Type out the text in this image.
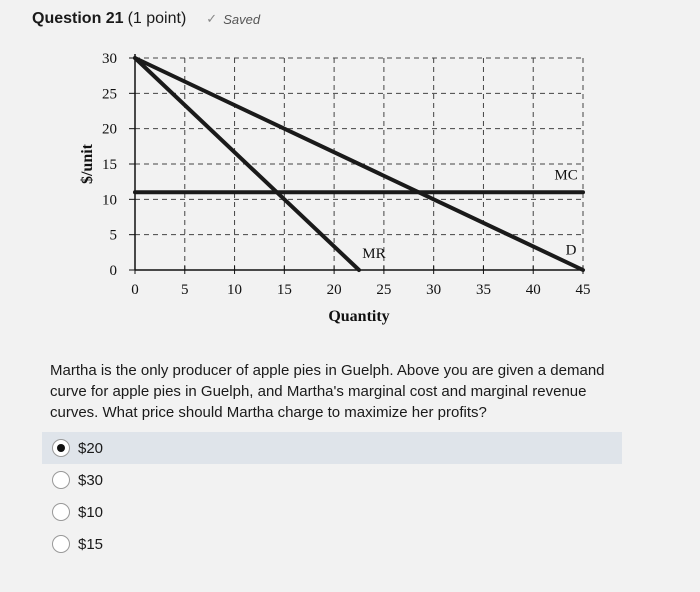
Question 21 (1 point) ✓ Saved
0	5	10 15 20 25 30 35 40 45
0
5
10
15
20
25
30
Quantity
$/unit
D
MR
MC
Martha is the only producer of apple pies in Guelph. Above you are given a demand curve for apple pies in Guelph, and Martha's marginal cost and marginal revenue curves. What price should Martha charge to maximize her profits?
$20
$30
$10
$15
